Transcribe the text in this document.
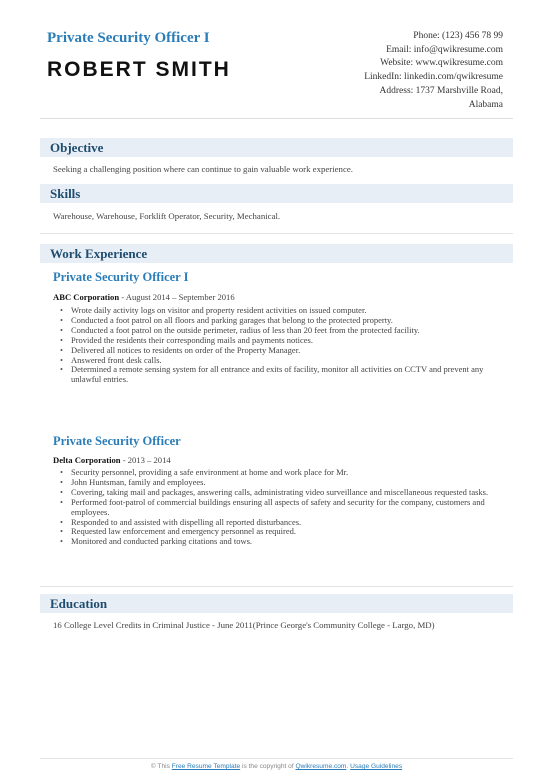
Private Security Officer I
ROBERT SMITH
Phone: (123) 456 78 99
Email: info@qwikresume.com
Website: www.qwikresume.com
LinkedIn: linkedin.com/qwikresume
Address: 1737 Marshville Road,
Alabama
Objective
Seeking a challenging position where can continue to gain valuable work experience.
Skills
Warehouse, Warehouse, Forklift Operator, Security, Mechanical.
Work Experience
Private Security Officer I
ABC Corporation - August 2014 – September 2016
• Wrote daily activity logs on visitor and property resident activities on issued computer.
• Conducted a foot patrol on all floors and parking garages that belong to the protected property.
• Conducted a foot patrol on the outside perimeter, radius of less than 20 feet from the protected facility.
• Provided the residents their corresponding mails and payments notices.
• Delivered all notices to residents on order of the Property Manager.
• Answered front desk calls.
• Determined a remote sensing system for all entrance and exits of facility, monitor all activities on CCTV and prevent any unlawful entries.
Private Security Officer
Delta Corporation - 2013 – 2014
• Security personnel, providing a safe environment at home and work place for Mr.
• John Huntsman, family and employees.
• Covering, taking mail and packages, answering calls, administrating video surveillance and miscellaneous requested tasks.
• Performed foot-patrol of commercial buildings ensuring all aspects of safety and security for the company, customers and employees.
• Responded to and assisted with dispelling all reported disturbances.
• Requested law enforcement and emergency personnel as required.
• Monitored and conducted parking citations and tows.
Education
16 College Level Credits in Criminal Justice - June 2011(Prince George's Community College - Largo, MD)
© This Free Resume Template is the copyright of Qwikresume.com. Usage Guidelines
